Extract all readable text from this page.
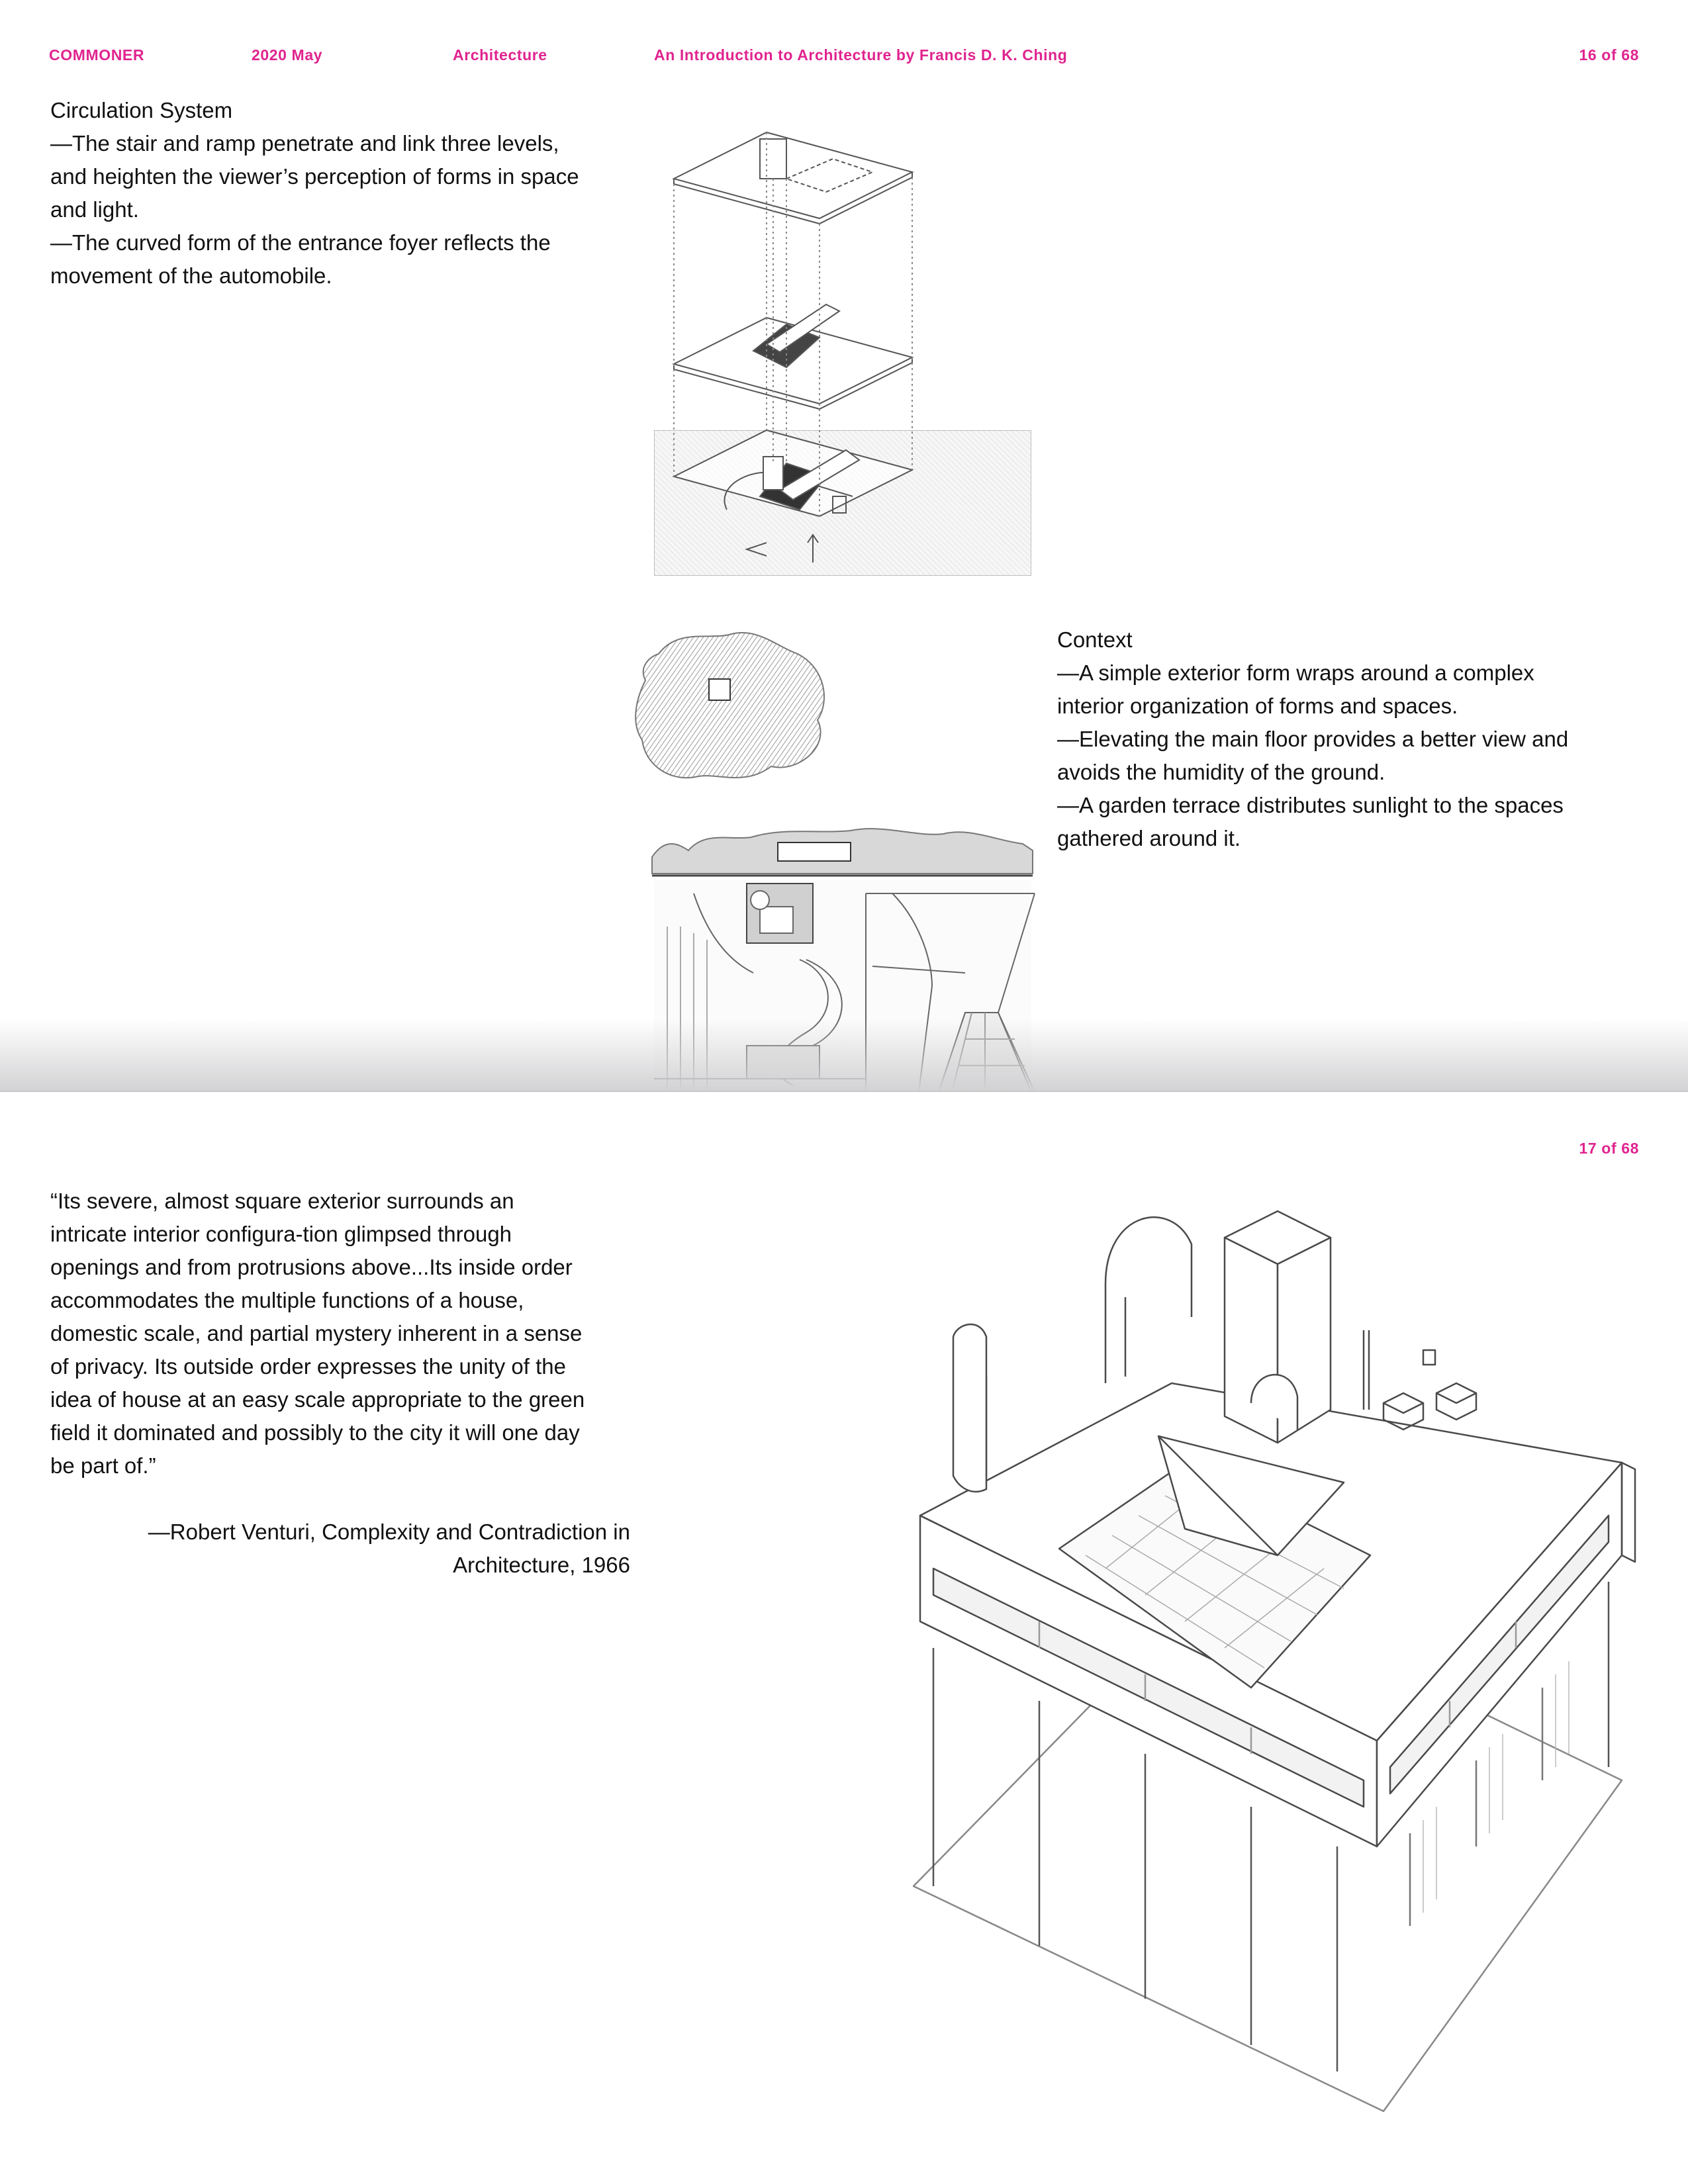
COMMONER	2020 May	Architecture	An Introduction to Architecture by Francis D. K. Ching	16 of 68
Circulation System
—The stair and ramp penetrate and link three levels,
and heighten the viewer’s perception of forms in space
and light.
—The curved form of the entrance foyer reflects the
movement of the automobile.
Context
—A simple exterior form wraps around a complex
interior organization of forms and spaces.
—Elevating the main floor provides a better view and
avoids the humidity of the ground.
—A garden terrace distributes sunlight to the spaces
gathered around it.
17 of 68
“Its severe, almost square exterior surrounds an
intricate interior configura-tion glimpsed through
openings and from protrusions above...Its inside order
accommodates the multiple functions of a house,
domestic scale, and partial mystery inherent in a sense
of privacy. Its outside order expresses the unity of the
idea of house at an easy scale appropriate to the green
field it dominated and possibly to the city it will one day
be part of.”
—Robert Venturi, Complexity and Contradiction in
Architecture, 1966
